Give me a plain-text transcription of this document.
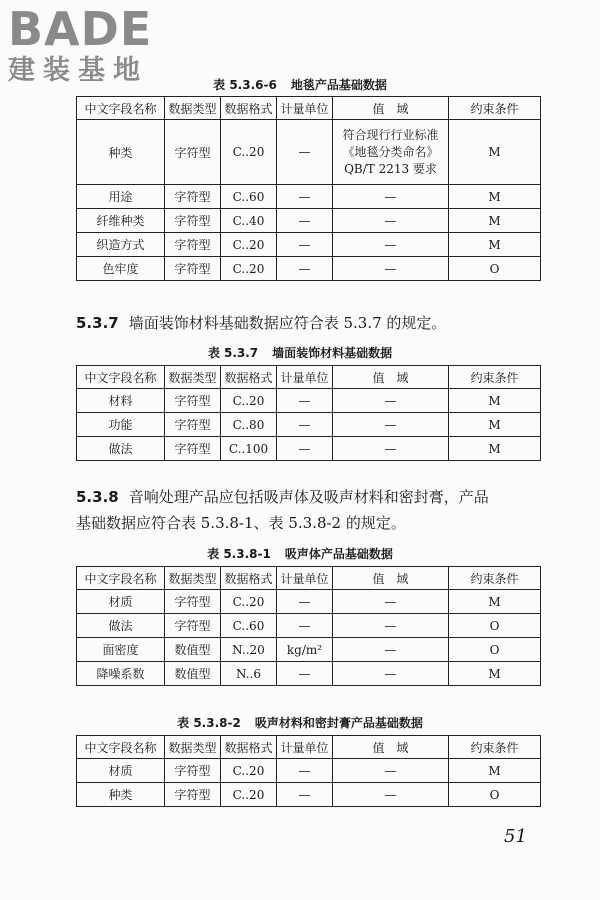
BADE
建装基地	表 5.3.6-6 地毯产品基础数据
中文字段名称	数据类型	数据格式	计量单位	值　域	约束条件
种类	字符型	C..20	—	符合现行行业标准《地毯分类命名》QB/T 2213 要求	M
用途	字符型	C..60	—	—	M
纤维种类	字符型	C..40	—	—	M
织造方式	字符型	C..20	—	—	M
色牢度	字符型	C..20	—	—	O
5.3.7 墙面装饰材料基础数据应符合表 5.3.7 的规定。
表 5.3.7 墙面装饰材料基础数据
中文字段名称	数据类型	数据格式	计量单位	值　域	约束条件
材料	字符型	C..20	—	—	M
功能	字符型	C..80	—	—	M
做法	字符型	C..100	—	—	M
5.3.8 音响处理产品应包括吸声体及吸声材料和密封膏，产品
基础数据应符合表 5.3.8-1、表 5.3.8-2 的规定。
表 5.3.8-1 吸声体产品基础数据
中文字段名称	数据类型	数据格式	计量单位	值　域	约束条件
材质	字符型	C..20	—	—	M
做法	字符型	C..60	—	—	O
面密度	数值型	N..20	kg/m²	—	O
降噪系数	数值型	N..6	—	—	M
表 5.3.8-2 吸声材料和密封膏产品基础数据
中文字段名称	数据类型	数据格式	计量单位	值　域	约束条件
材质	字符型	C..20	—	—	M
种类	字符型	C..20	—	—	O
51
